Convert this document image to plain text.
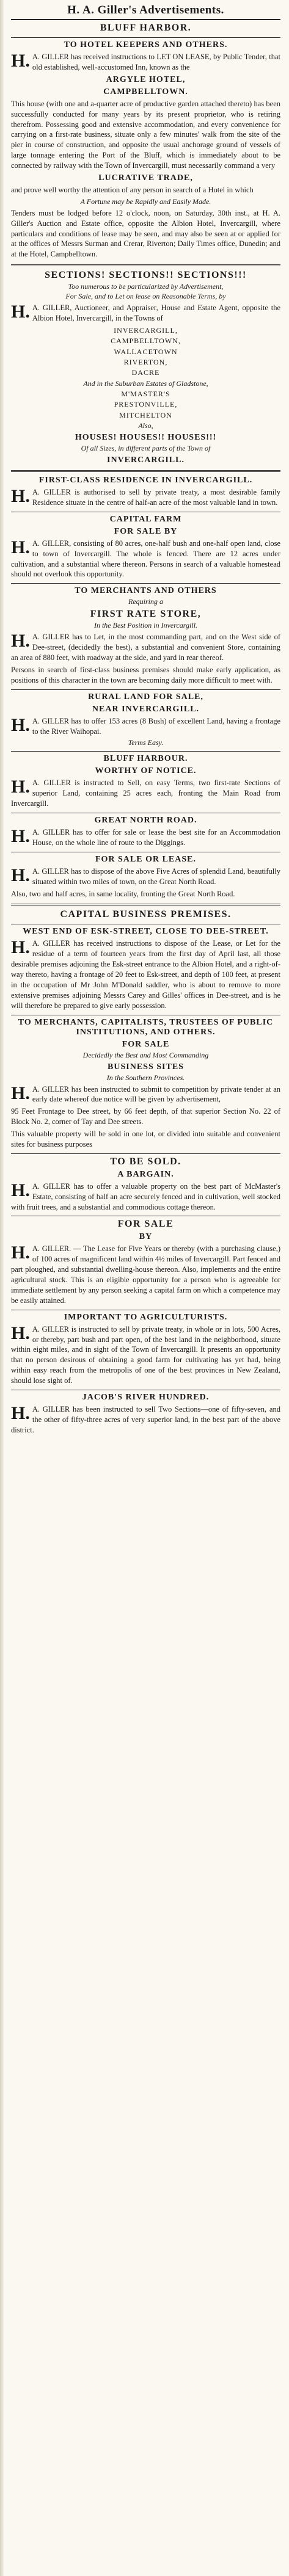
H. A. Giller's Advertisements.
BLUFF HARBOR.
TO HOTEL KEEPERS AND OTHERS.
H.A. GILLER has received instructions to LET ON LEASE, by Public Tender, that old established, well-accustomed Inn, known as the
ARGYLE HOTEL,
CAMPBELLTOWN.
This house (with one and a-quarter acre of productive garden attached thereto) has been successfully conducted for many years by its present proprietor, who is retiring therefrom. Possessing good and extensive accommodation, and every convenience for carrying on a first-rate business, situate only a few minutes' walk from the site of the pier in course of construction, and opposite the usual anchorage ground of vessels of large tonnage entering the Port of the Bluff, which is immediately about to be connected by railway with the Town of Invercargill, must necessarily command a very
LUCRATIVE TRADE,
and prove well worthy the attention of any person in search of a Hotel in which
A Fortune may be Rapidly and Easily Made.
Tenders must be lodged before 12 o'clock, noon, on Saturday, 30th inst., at H. A. Giller's Auction and Estate office, opposite the Albion Hotel, Invercargill, where particulars and conditions of lease may be seen, and may also be seen at or applied for at the offices of Messrs Surman and Crerar, Riverton; Daily Times office, Dunedin; and at the Hotel, Campbelltown.
SECTIONS! SECTIONS!! SECTIONS!!!
Too numerous to be particularized by Advertisement,
For Sale, and to Let on lease on Reasonable Terms, by
H.A. GILLER, Auctioneer, and Appraiser, House and Estate Agent, opposite the Albion Hotel, Invercargill, in the Towns of
INVERCARGILL,
CAMPBELLTOWN,
WALLACETOWN
RIVERTON,
DACRE
And in the Suburban Estates of Gladstone,
M'MASTER'S
PRESTONVILLE,
MITCHELTON
Also,
HOUSES! HOUSES!! HOUSES!!!
Of all Sizes, in different parts of the Town of
INVERCARGILL.
FIRST-CLASS RESIDENCE IN INVERCARGILL.
H.A. GILLER is authorised to sell by private treaty, a most desirable family Residence situate in the centre of half-an acre of the most valuable land in town.
CAPITAL FARM
FOR SALE BY
H.A. GILLER, consisting of 80 acres, one-half bush and one-half open land, close to town of Invercargill. The whole is fenced. There are 12 acres under cultivation, and a substantial where thereon. Persons in search of a valuable homestead should not overlook this opportunity.
TO MERCHANTS AND OTHERS
Requiring a
FIRST RATE STORE,
In the Best Position in Invercargill.
H.A. GILLER has to Let, in the most commanding part, and on the West side of Dee-street, (decidedly the best), a substantial and convenient Store, containing an area of 880 feet, with roadway at the side, and yard in rear thereof.
Persons in search of first-class business premises should make early application, as positions of this character in the town are becoming daily more difficult to meet with.
RURAL LAND FOR SALE,
NEAR INVERCARGILL.
H.A. GILLER has to offer 153 acres (8 Bush) of excellent Land, having a frontage to the River Waihopai.
Terms Easy.
BLUFF HARBOUR.
WORTHY OF NOTICE.
H.A. GILLER is instructed to Sell, on easy Terms, two first-rate Sections of superior Land, containing 25 acres each, fronting the Main Road from Invercargill.
GREAT NORTH ROAD.
H.A. GILLER has to offer for sale or lease the best site for an Accommodation House, on the whole line of route to the Diggings.
FOR SALE OR LEASE.
H.A. GILLER has to dispose of the above Five Acres of splendid Land, beautifully situated within two miles of town, on the Great North Road.
Also, two and half acres, in same locality, fronting the Great North Road.
CAPITAL BUSINESS PREMISES.
WEST END OF ESK-STREET, CLOSE TO DEE-STREET.
H.A. GILLER has received instructions to dispose of the Lease, or Let for the residue of a term of fourteen years from the first day of April last, all those desirable premises adjoining the Esk-street entrance to the Albion Hotel, and a right-of-way thereto, having a frontage of 20 feet to Esk-street, and depth of 100 feet, at present in the occupation of Mr John M'Donald saddler, who is about to remove to more extensive premises adjoining Messrs Carey and Gilles' offices in Dee-street, and is he will therefore be prepared to give early possession.
TO MERCHANTS, CAPITALISTS, TRUSTEES OF PUBLIC INSTITUTIONS, AND OTHERS.
FOR SALE
Decidedly the Best and Most Commanding
BUSINESS SITES
In the Southern Provinces.
H.A. GILLER has been instructed to submit to competition by private tender at an early date whereof due notice will be given by advertisement,
95 Feet Frontage to Dee street, by 66 feet depth, of that superior Section No. 22 of Block No. 2, corner of Tay and Dee streets.
This valuable property will be sold in one lot, or divided into suitable and convenient sites for business purposes
TO BE SOLD.
A BARGAIN.
H.A. GILLER has to offer a valuable property on the best part of McMaster's Estate, consisting of half an acre securely fenced and in cultivation, well stocked with fruit trees, and a substantial and commodious cottage thereon.
FOR SALE
BY
H.A. GILLER. — The Lease for Five Years or thereby (with a purchasing clause,) of 100 acres of magnificent land within 4½ miles of Invercargill. Part fenced and part ploughed, and substantial dwelling-house thereon. Also, implements and the entire agricultural stock. This is an eligible opportunity for a person who is agreeable for immediate settlement by any person seeking a capital farm on which a competence may be easily attained.
IMPORTANT TO AGRICULTURISTS.
H.A. GILLER is instructed to sell by private treaty, in whole or in lots, 500 Acres, or thereby, part bush and part open, of the best land in the neighborhood, situate within eight miles, and in sight of the Town of Invercargill. It presents an opportunity that no person desirous of obtaining a good farm for cultivating has yet had, being within easy reach from the metropolis of one of the best provinces in New Zealand, should lose sight of.
JACOB'S RIVER HUNDRED.
H.A. GILLER has been instructed to sell Two Sections—one of fifty-seven, and the other of fifty-three acres of very superior land, in the best part of the above district.
